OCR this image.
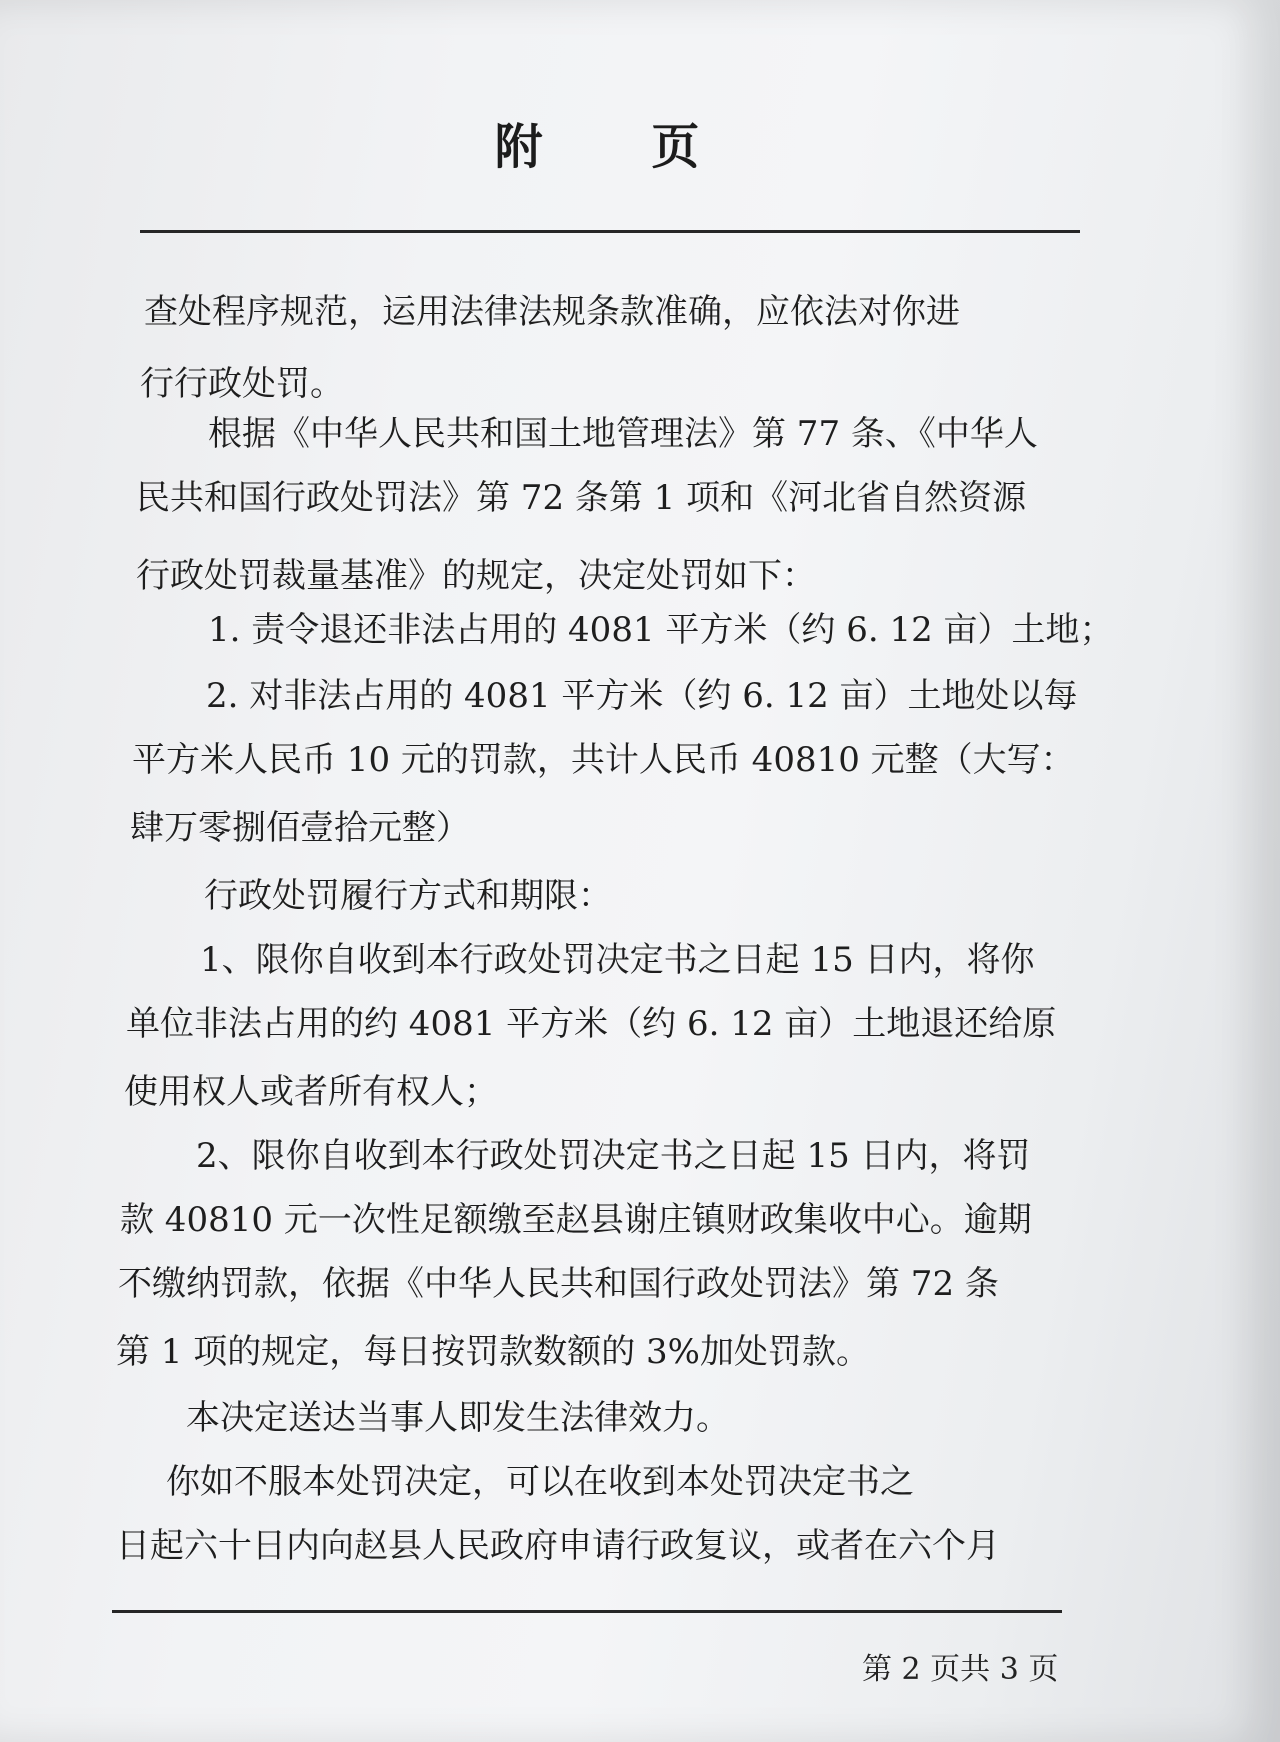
附 页
查处程序规范，运用法律法规条款准确，应依法对你进
行行政处罚。
根据《中华人民共和国土地管理法》第 77 条、《中华人
民共和国行政处罚法》第 72 条第 1 项和《河北省自然资源
行政处罚裁量基准》的规定，决定处罚如下：
1. 责令退还非法占用的 4081 平方米（约 6. 12 亩）土地；
2. 对非法占用的 4081 平方米（约 6. 12 亩）土地处以每
平方米人民币 10 元的罚款，共计人民币 40810 元整（大写：
肆万零捌佰壹拾元整）
行政处罚履行方式和期限：
1、限你自收到本行政处罚决定书之日起 15 日内，将你
单位非法占用的约 4081 平方米（约 6. 12 亩）土地退还给原
使用权人或者所有权人；
2、限你自收到本行政处罚决定书之日起 15 日内，将罚
款 40810 元一次性足额缴至赵县谢庄镇财政集收中心。逾期
不缴纳罚款，依据《中华人民共和国行政处罚法》第 72 条
第 1 项的规定，每日按罚款数额的 3%加处罚款。
本决定送达当事人即发生法律效力。
你如不服本处罚决定，可以在收到本处罚决定书之
日起六十日内向赵县人民政府申请行政复议，或者在六个月
第 2 页共 3 页
